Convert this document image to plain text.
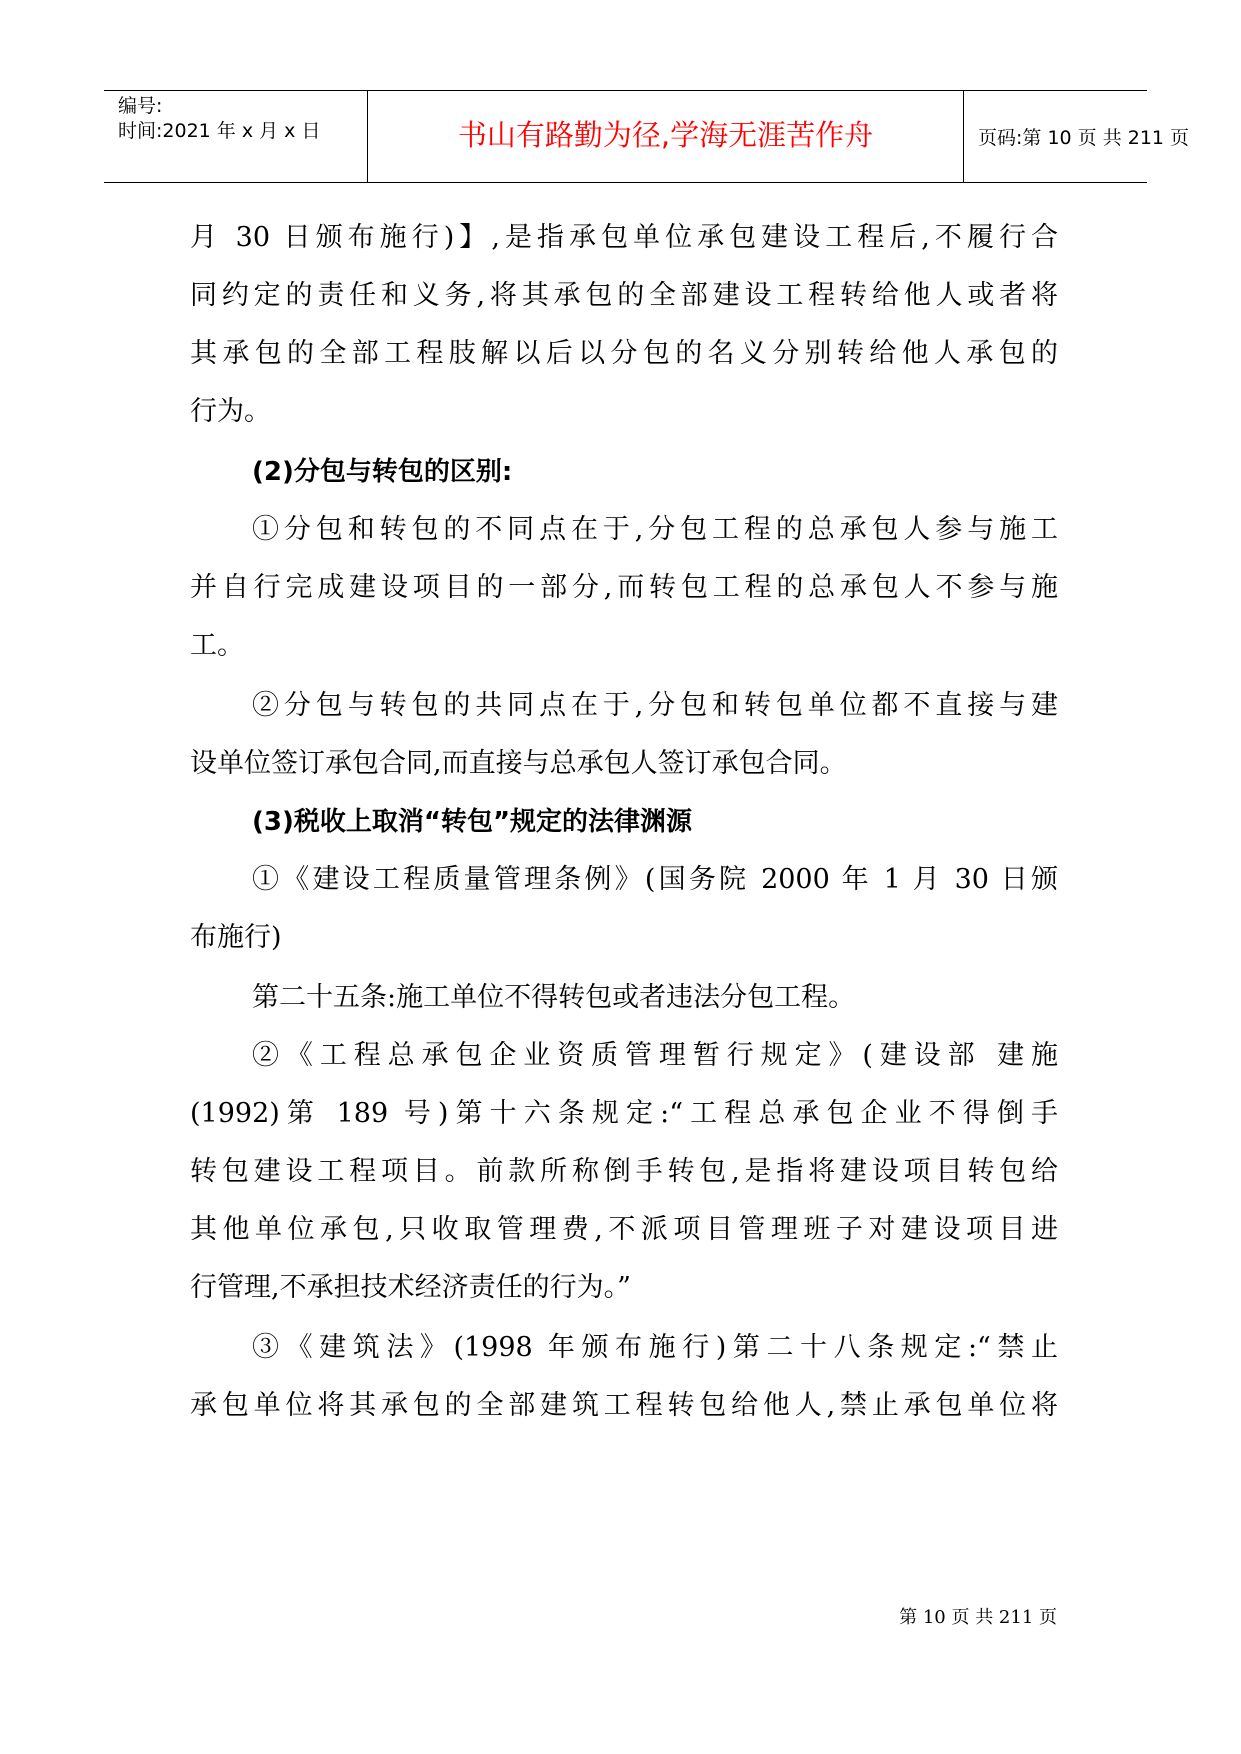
编号:
时间:2021 年 x 月 x 日	书山有路勤为径,学海无涯苦作舟	页码:第 10 页 共 211 页
月 30 日颁布施行)】,是指承包单位承包建设工程后,不履行合
同约定的责任和义务,将其承包的全部建设工程转给他人或者将
其承包的全部工程肢解以后以分包的名义分别转给他人承包的
行为。
(2)分包与转包的区别:
①分包和转包的不同点在于,分包工程的总承包人参与施工
并自行完成建设项目的一部分,而转包工程的总承包人不参与施
工。
②分包与转包的共同点在于,分包和转包单位都不直接与建
设单位签订承包合同,而直接与总承包人签订承包合同。
(3)税收上取消“转包”规定的法律渊源
①《建设工程质量管理条例》(国务院 2000 年 1 月 30 日颁
布施行)
第二十五条:施工单位不得转包或者违法分包工程。
②《工程总承包企业资质管理暂行规定》(建设部 建施
(1992)第 189 号)第十六条规定:“工程总承包企业不得倒手
转包建设工程项目。前款所称倒手转包,是指将建设项目转包给
其他单位承包,只收取管理费,不派项目管理班子对建设项目进
行管理,不承担技术经济责任的行为。”
③《建筑法》(1998 年颁布施行)第二十八条规定:“禁止
承包单位将其承包的全部建筑工程转包给他人,禁止承包单位将
第 10 页 共 211 页
